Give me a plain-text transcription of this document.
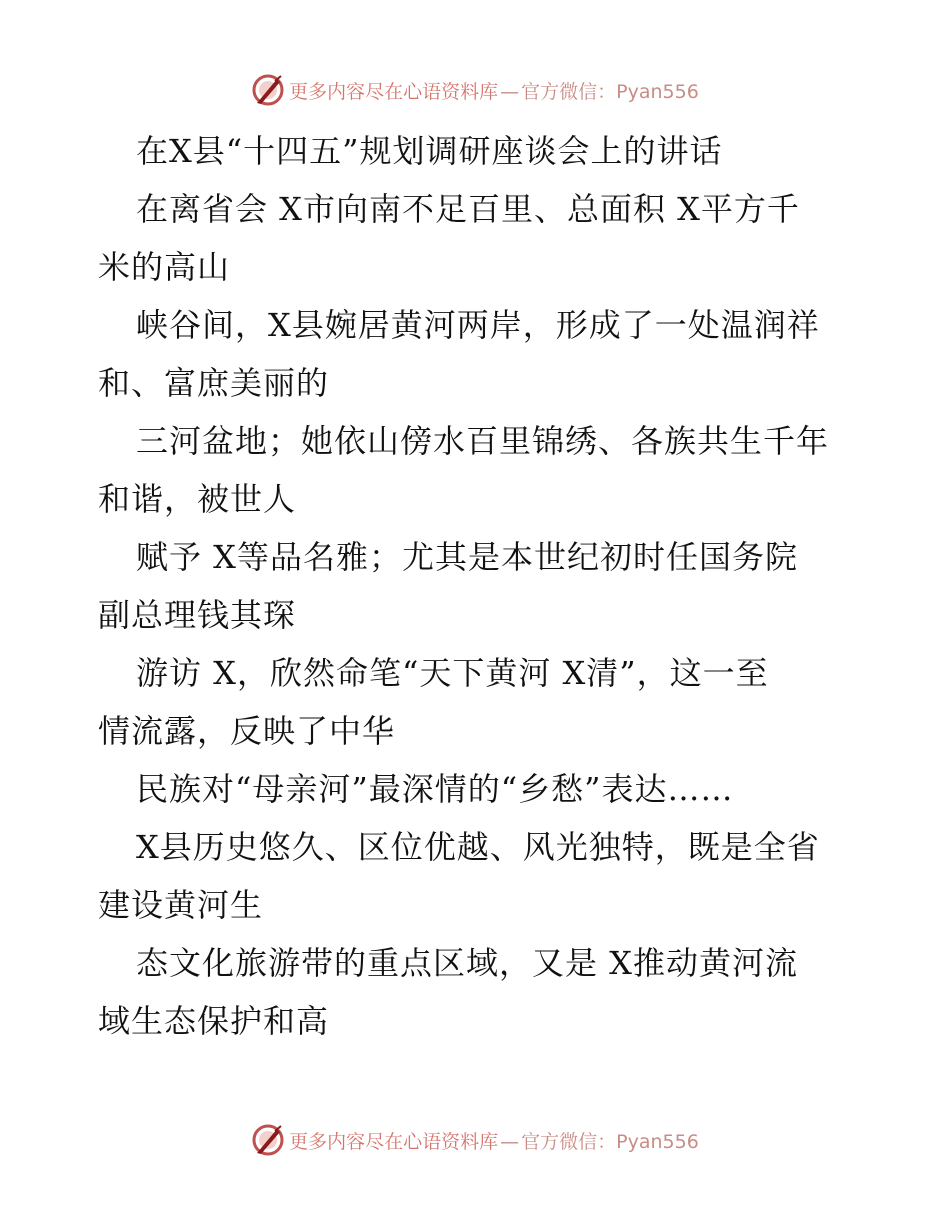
更多内容尽在心语资料库 — 官方微信：Pyan556
在X县“十四五”规划调研座谈会上的讲话
在离省会 X市向南不足百里、总面积 X平方千
米的高山
峡谷间，X县婉居黄河两岸，形成了一处温润祥
和、富庶美丽的
三河盆地；她依山傍水百里锦绣、各族共生千年
和谐，被世人
赋予 X等品名雅；尤其是本世纪初时任国务院
副总理钱其琛
游访 X，欣然命笔“天下黄河 X清”，这一至
情流露，反映了中华
民族对“母亲河”最深情的“乡愁”表达……
X县历史悠久、区位优越、风光独特，既是全省
建设黄河生
态文化旅游带的重点区域，又是 X推动黄河流
域生态保护和高
更多内容尽在心语资料库 — 官方微信：Pyan556
